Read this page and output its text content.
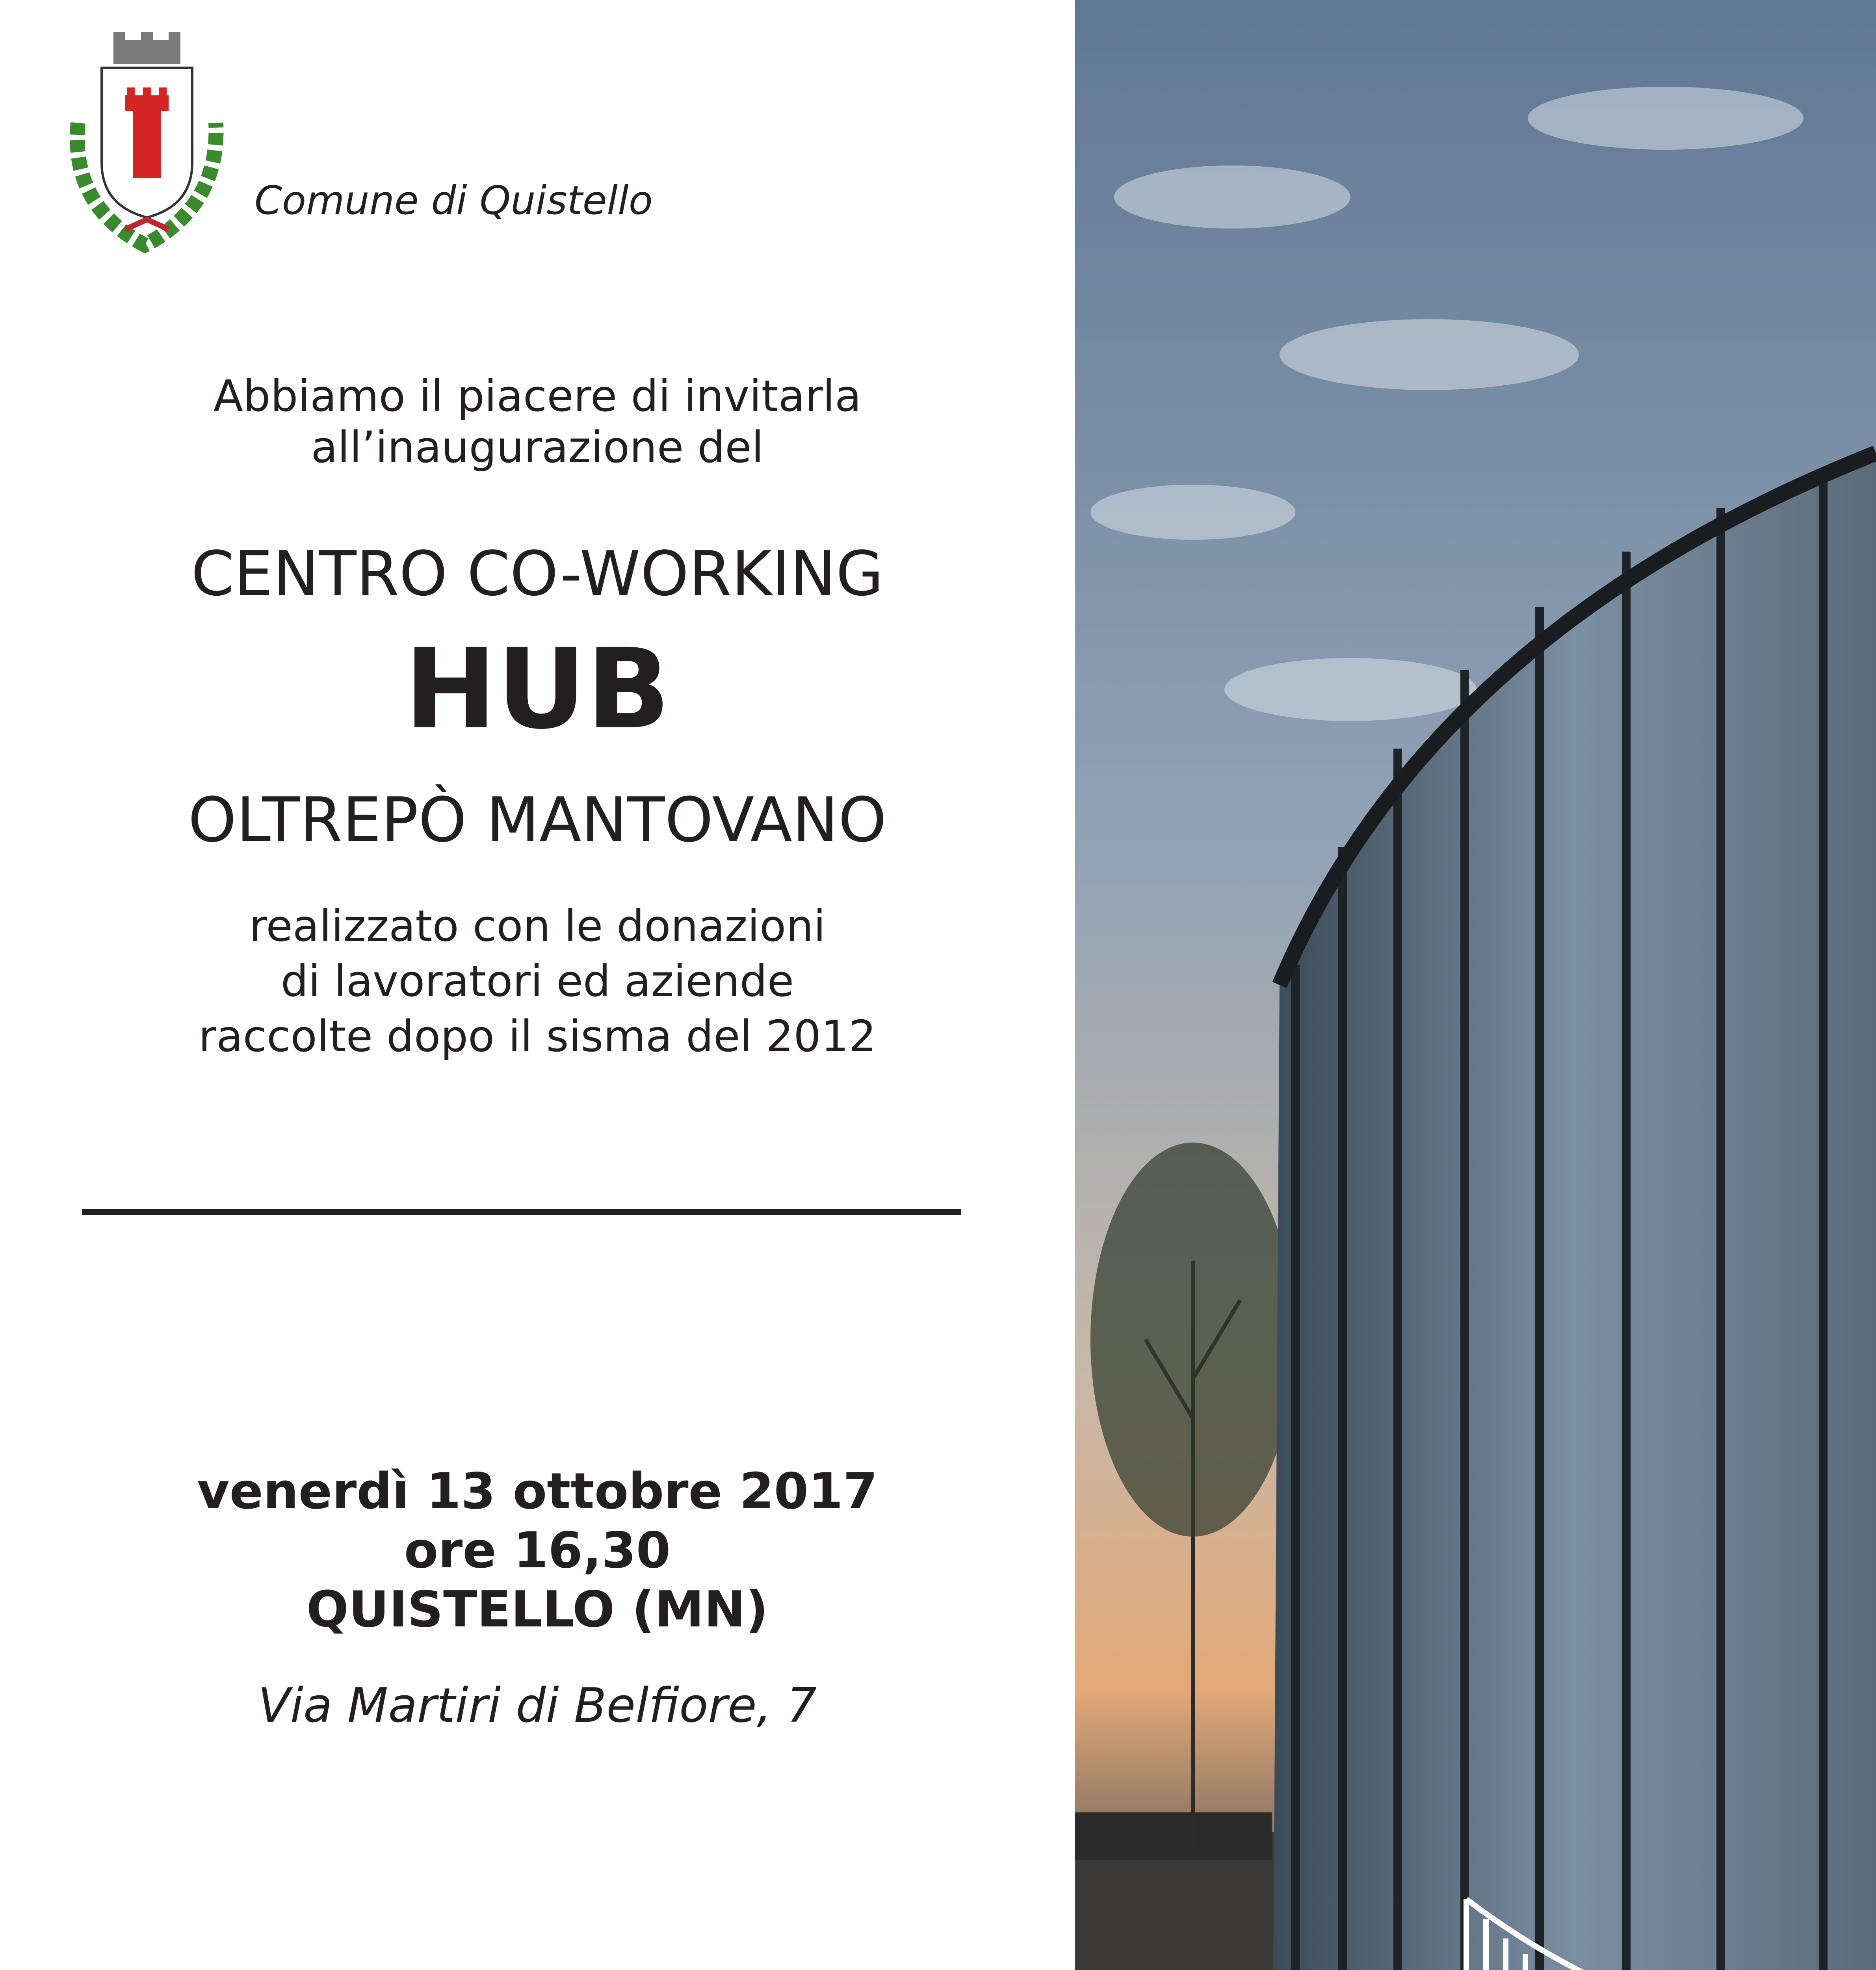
Comune di Quistello
Abbiamo il piacere di invitarla
all’inaugurazione del
CENTRO CO-WORKING
HUB
OLTREPÒ MANTOVANO
realizzato con le donazioni
di lavoratori ed aziende
raccolte dopo il sisma del 2012
venerdì 13 ottobre 2017
ore 16,30
QUISTELLO (MN)
Via Martiri di Belfiore, 7
